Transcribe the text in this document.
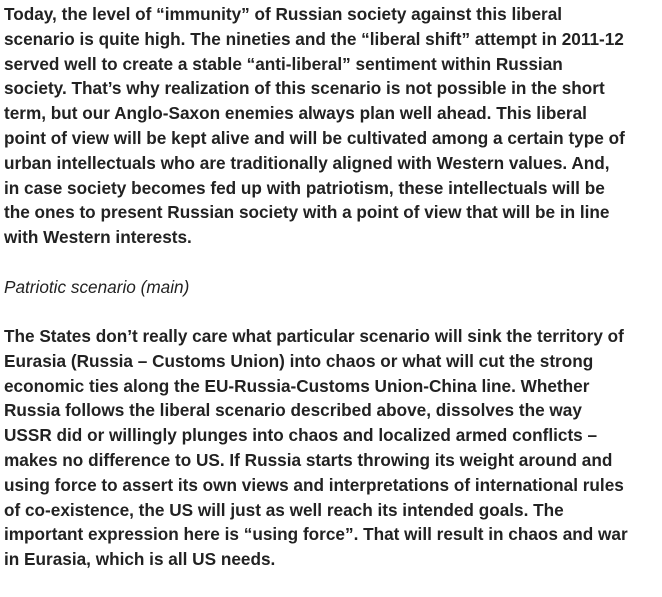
Today, the level of “immunity” of Russian society against this liberal
scenario is quite high. The nineties and the “liberal shift” attempt in 2011-12
served well to create a stable “anti-liberal” sentiment within Russian
society. That’s why realization of this scenario is not possible in the short
term, but our Anglo-Saxon enemies always plan well ahead. This liberal
point of view will be kept alive and will be cultivated among a certain type of
urban intellectuals who are traditionally aligned with Western values. And,
in case society becomes fed up with patriotism, these intellectuals will be
the ones to present Russian society with a point of view that will be in line
with Western interests.

Patriotic scenario (main)

The States don’t really care what particular scenario will sink the territory of
Eurasia (Russia – Customs Union) into chaos or what will cut the strong
economic ties along the EU-Russia-Customs Union-China line. Whether
Russia follows the liberal scenario described above, dissolves the way
USSR did or willingly plunges into chaos and localized armed conflicts –
makes no difference to US. If Russia starts throwing its weight around and
using force to assert its own views and interpretations of international rules
of co-existence, the US will just as well reach its intended goals. The
important expression here is “using force”. That will result in chaos and war
in Eurasia, which is all US needs.
